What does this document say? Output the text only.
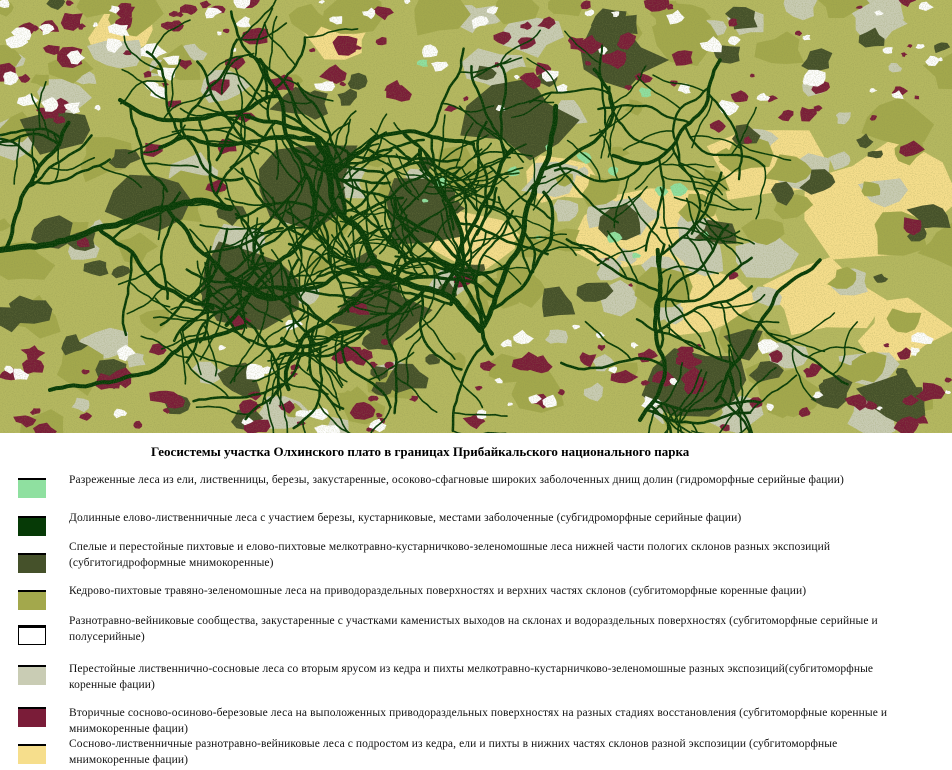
Геосистемы участка Олхинского плато в границах Прибайкальского национального парка
Разреженные леса из ели, лиственницы, березы, закустаренные, осоково-сфагновые широких заболоченных днищ долин (гидроморфные серийные фации)
Долинные елово-лиственничные леса с участием березы, кустарниковые, местами заболоченные (субгидроморфные серийные фации)
Спелые и перестойные пихтовые и елово-пихтовые мелкотравно-кустарничково-зеленомошные леса нижней части пологих склонов разных экспозиций (субгитогидроформные мнимокоренные)
Кедрово-пихтовые травяно-зеленомошные леса на приводораздельных поверхностях и верхних частях склонов (субгитоморфные коренные фации)
Разнотравно-вейниковые сообщества, закустаренные с участками каменистых выходов на склонах и водораздельных поверхностях (субгитоморфные серийные и полусерийные)
Перестойные лиственнично-сосновые леса со вторым ярусом из кедра и пихты мелкотравно-кустарничково-зеленомошные разных экспозиций(субгитоморфные коренные фации)
Вторичные сосново-осиново-березовые леса на выположенных приводораздельных поверхностях на разных стадиях восстановления (субгитоморфные коренные и мнимокоренные фации)
Сосново-лиственничные разнотравно-вейниковые леса с подростом из кедра, ели и пихты в нижних частях склонов разной экспозиции (субгитоморфные мнимокоренные фации)
